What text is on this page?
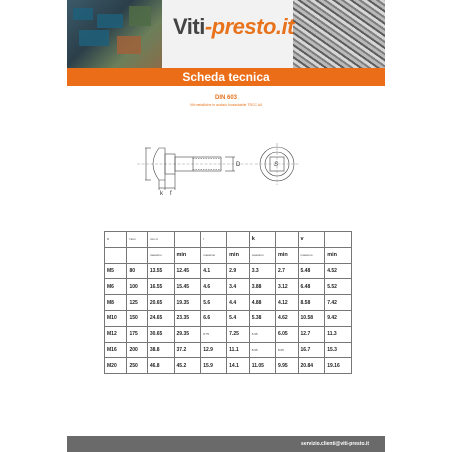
Viti-presto.it
Scheda tecnica
DIN 603
Viti metalliche in acciaio Inossidabile TRCC A4
D
k f
S
D	Nom	mm m		f		k		v	
		massimo	min	massimo	min	massimo	min	massimo	min
M5	80	13.55	12.45	4.1	2.9	3.3	2.7	5.48	4.52
M6	100	16.55	15.45	4.6	3.4	3.88	3.12	6.48	5.52
M8	125	20.65	19.35	5.6	4.4	4.88	4.12	8.58	7.42
M10	150	24.65	23.35	6.6	5.4	5.38	4.62	10.58	9.42
M12	175	30.65	29.35	8.75	7.25	6.95	6.05	12.7	11.3
M16	200	38.8	37.2	12.9	11.1	8.95	8.05	16.7	15.3
M20	250	46.8	45.2	15.9	14.1	11.05	9.95	20.84	19.16
servizio.clienti@viti-presto.it
